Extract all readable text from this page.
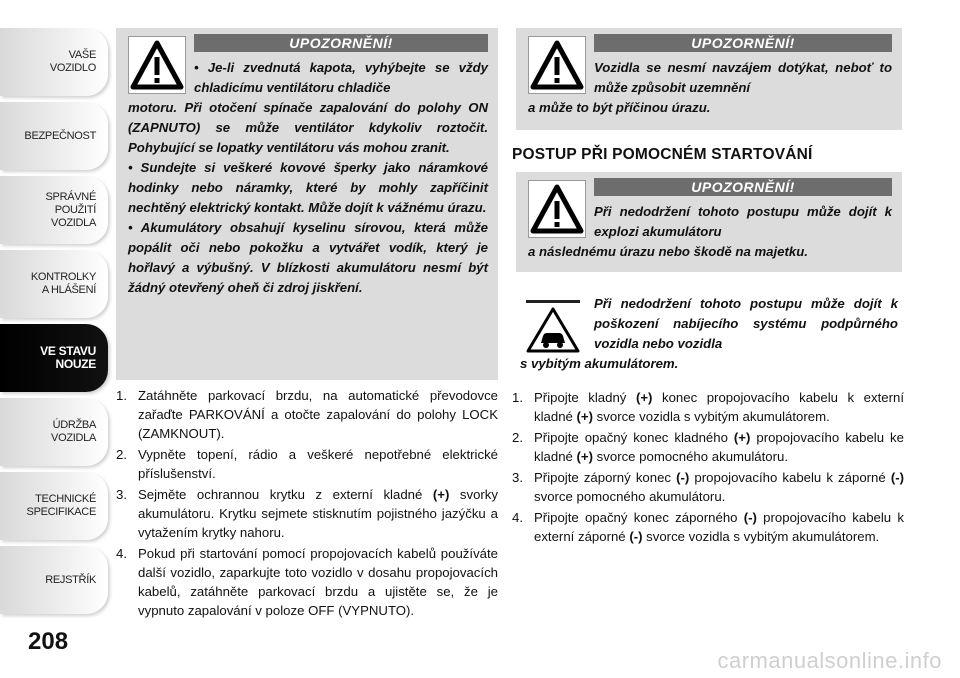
VAŠE
VOZIDLO
BEZPEČNOST
SPRÁVNÉ
POUŽITÍ
VOZIDLA
KONTROLKY
A HLÁŠENÍ
VE STAVU
NOUZE
ÚDRŽBA
VOZIDLA
TECHNICKÉ
SPECIFIKACE
REJSTŘÍK
208
UPOZORNĚNÍ!

• Je-li zvednutá kapota, vyhýbejte se vždy chladicímu ventilátoru chladiče

motoru. Při otočení spínače zapalování do polohy ON (ZAPNUTO) se může ventilátor kdykoliv roztočit. Pohybující se lopatky ventilátoru vás mohou zranit.

• Sundejte si veškeré kovové šperky jako náramkové hodinky nebo náramky, které by mohly zapříčinit nechtěný elektrický kontakt. Může dojít k vážnému úrazu.

• Akumulátory obsahují kyselinu sírovou, která může popálit oči nebo pokožku a vytvářet vodík, který je hořlavý a výbušný. V blízkosti akumulátoru nesmí být žádný otevřený oheň či zdroj jiskření.

1. Zatáhněte parkovací brzdu, na automatické převodovce zařaďte PARKOVÁNÍ a otočte zapalování do polohy LOCK (ZAMKNOUT).
2. Vypněte topení, rádio a veškeré nepotřebné elektrické příslušenství.
3. Sejměte ochrannou krytku z externí kladné (+) svorky akumulátoru. Krytku sejmete stisknutím pojistného jazýčku a vytažením krytky nahoru.
4. Pokud při startování pomocí propojovacích kabelů používáte další vozidlo, zaparkujte toto vozidlo v dosahu propojovacích kabelů, zatáhněte parkovací brzdu a ujistěte se, že je vypnuto zapalování v poloze OFF (VYPNUTO).
UPOZORNĚNÍ!

Vozidla se nesmí navzájem dotýkat, neboť to může způsobit uzemnění

a může to být příčinou úrazu.

POSTUP PŘI POMOCNÉM STARTOVÁNÍ
UPOZORNĚNÍ!

Při nedodržení tohoto postupu může dojít k explozi akumulátoru

a následnému úrazu nebo škodě na majetku.

Při nedodržení tohoto postupu může dojít k poškození nabíjecího systému podpůrného vozidla nebo vozidla
s vybitým akumulátorem.
1. Připojte kladný (+) konec propojovacího kabelu k externí kladné (+) svorce vozidla s vybitým akumulátorem.
2. Připojte opačný konec kladného (+) propojovacího kabelu ke kladné (+) svorce pomocného akumulátoru.
3. Připojte záporný konec (-) propojovacího kabelu k záporné (-) svorce pomocného akumulátoru.
4. Připojte opačný konec záporného (-) propojovacího kabelu k externí záporné (-) svorce vozidla s vybitým akumulátorem.
carmanualsonline.info
